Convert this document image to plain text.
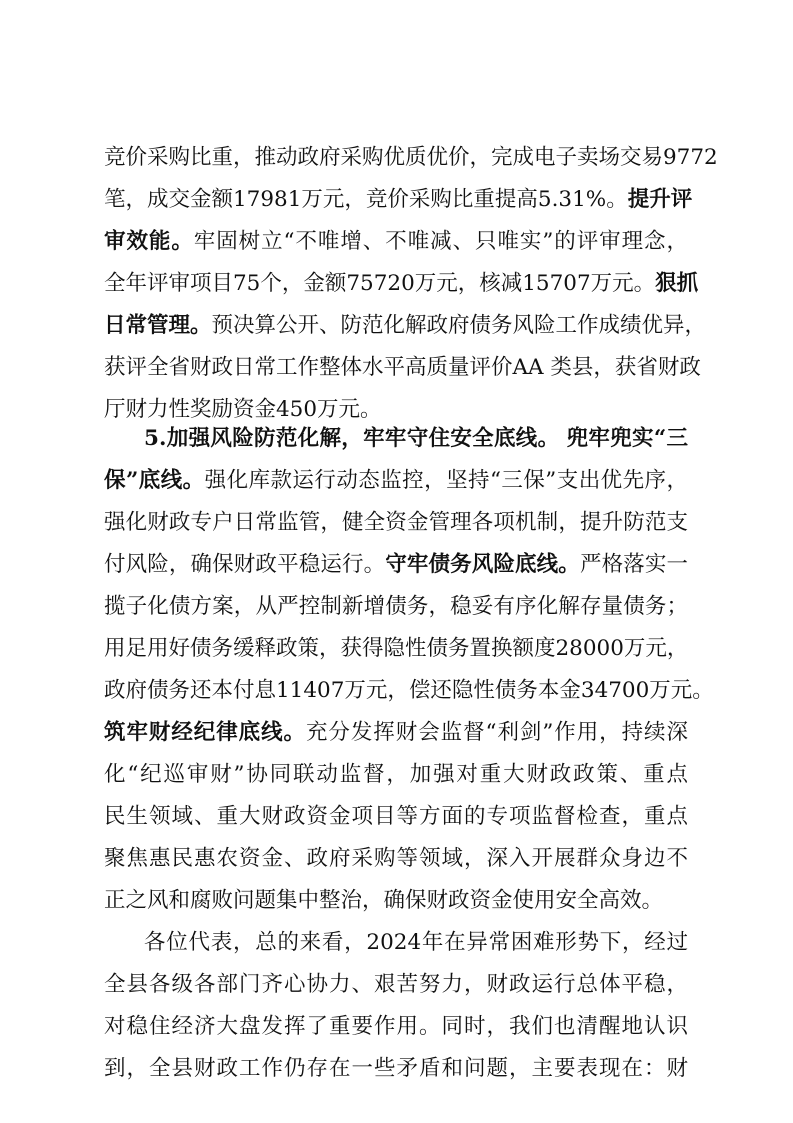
竞价采购比重，推动政府采购优质优价，完成电子卖场交易9772
笔，成交金额17981万元，竞价采购比重提高5.31%。提升评
审效能。牢固树立“不唯增、不唯减、只唯实”的评审理念，
全年评审项目75个，金额75720万元，核减15707万元。狠抓
日常管理。预决算公开、防范化解政府债务风险工作成绩优异，
获评全省财政日常工作整体水平高质量评价AA 类县，获省财政
厅财力性奖励资金450万元。
5.加强风险防范化解，牢牢守住安全底线。 兜牢兜实“三
保”底线。强化库款运行动态监控，坚持“三保”支出优先序，
强化财政专户日常监管，健全资金管理各项机制，提升防范支
付风险，确保财政平稳运行。守牢债务风险底线。严格落实一
揽子化债方案，从严控制新增债务，稳妥有序化解存量债务；
用足用好债务缓释政策，获得隐性债务置换额度28000万元，
政府债务还本付息11407万元，偿还隐性债务本金34700万元。
筑牢财经纪律底线。充分发挥财会监督“利剑”作用，持续深
化“纪巡审财”协同联动监督，加强对重大财政政策、重点
民生领域、重大财政资金项目等方面的专项监督检查，重点
聚焦惠民惠农资金、政府采购等领域，深入开展群众身边不
正之风和腐败问题集中整治，确保财政资金使用安全高效。
各位代表，总的来看，2024年在异常困难形势下，经过
全县各级各部门齐心协力、艰苦努力，财政运行总体平稳，
对稳住经济大盘发挥了重要作用。同时，我们也清醒地认识
到，全县财政工作仍存在一些矛盾和问题，主要表现在：财
